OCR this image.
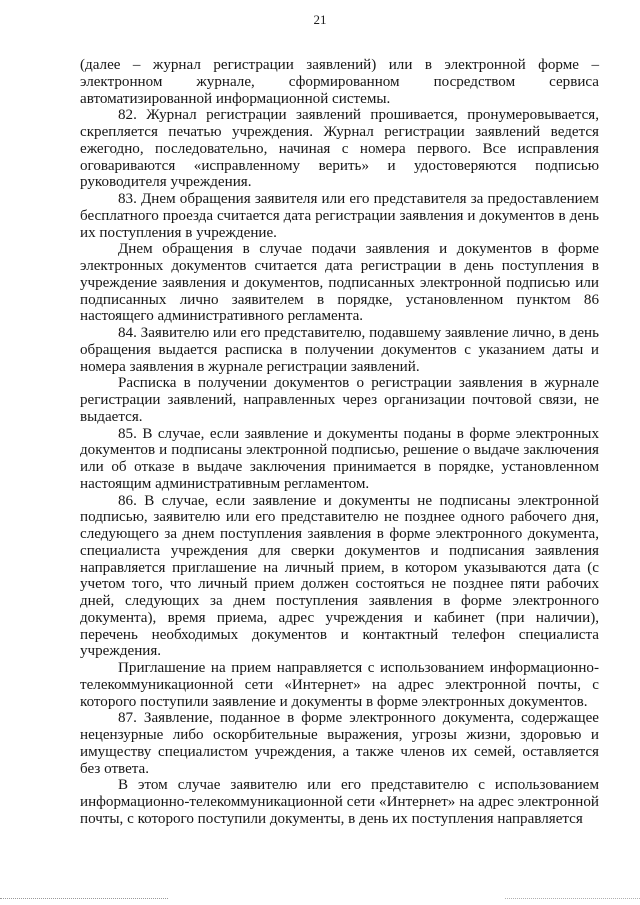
21

(далее – журнал регистрации заявлений) или в электронной форме – электронном журнале, сформированном посредством сервиса автоматизированной информационной системы.

82. Журнал регистрации заявлений прошивается, пронумеровывается, скрепляется печатью учреждения. Журнал регистрации заявлений ведется ежегодно, последовательно, начиная с номера первого. Все исправления оговариваются «исправленному верить» и удостоверяются подписью руководителя учреждения.

83. Днем обращения заявителя или его представителя за предоставлением бесплатного проезда считается дата регистрации заявления и документов в день их поступления в учреждение.

Днем обращения в случае подачи заявления и документов в форме электронных документов считается дата регистрации в день поступления в учреждение заявления и документов, подписанных электронной подписью или подписанных лично заявителем в порядке, установленном пунктом 86 настоящего административного регламента.

84. Заявителю или его представителю, подавшему заявление лично, в день обращения выдается расписка в получении документов с указанием даты и номера заявления в журнале регистрации заявлений.

Расписка в получении документов о регистрации заявления в журнале регистрации заявлений, направленных через организации почтовой связи, не выдается.

85. В случае, если заявление и документы поданы в форме электронных документов и подписаны электронной подписью, решение о выдаче заключения или об отказе в выдаче заключения принимается в порядке, установленном настоящим административным регламентом.

86. В случае, если заявление и документы не подписаны электронной подписью, заявителю или его представителю не позднее одного рабочего дня, следующего за днем поступления заявления в форме электронного документа, специалиста учреждения для сверки документов и подписания заявления направляется приглашение на личный прием, в котором указываются дата (с учетом того, что личный прием должен состояться не позднее пяти рабочих дней, следующих за днем поступления заявления в форме электронного документа), время приема, адрес учреждения и кабинет (при наличии), перечень необходимых документов и контактный телефон специалиста учреждения.

Приглашение на прием направляется с использованием информационно-телекоммуникационной сети «Интернет» на адрес электронной почты, с которого поступили заявление и документы в форме электронных документов.

87. Заявление, поданное в форме электронного документа, содержащее нецензурные либо оскорбительные выражения, угрозы жизни, здоровью и имуществу специалистом учреждения, а также членов их семей, оставляется без ответа.

В этом случае заявителю или его представителю с использованием информационно-телекоммуникационной сети «Интернет» на адрес электронной почты, с которого поступили документы, в день их поступления направляется
